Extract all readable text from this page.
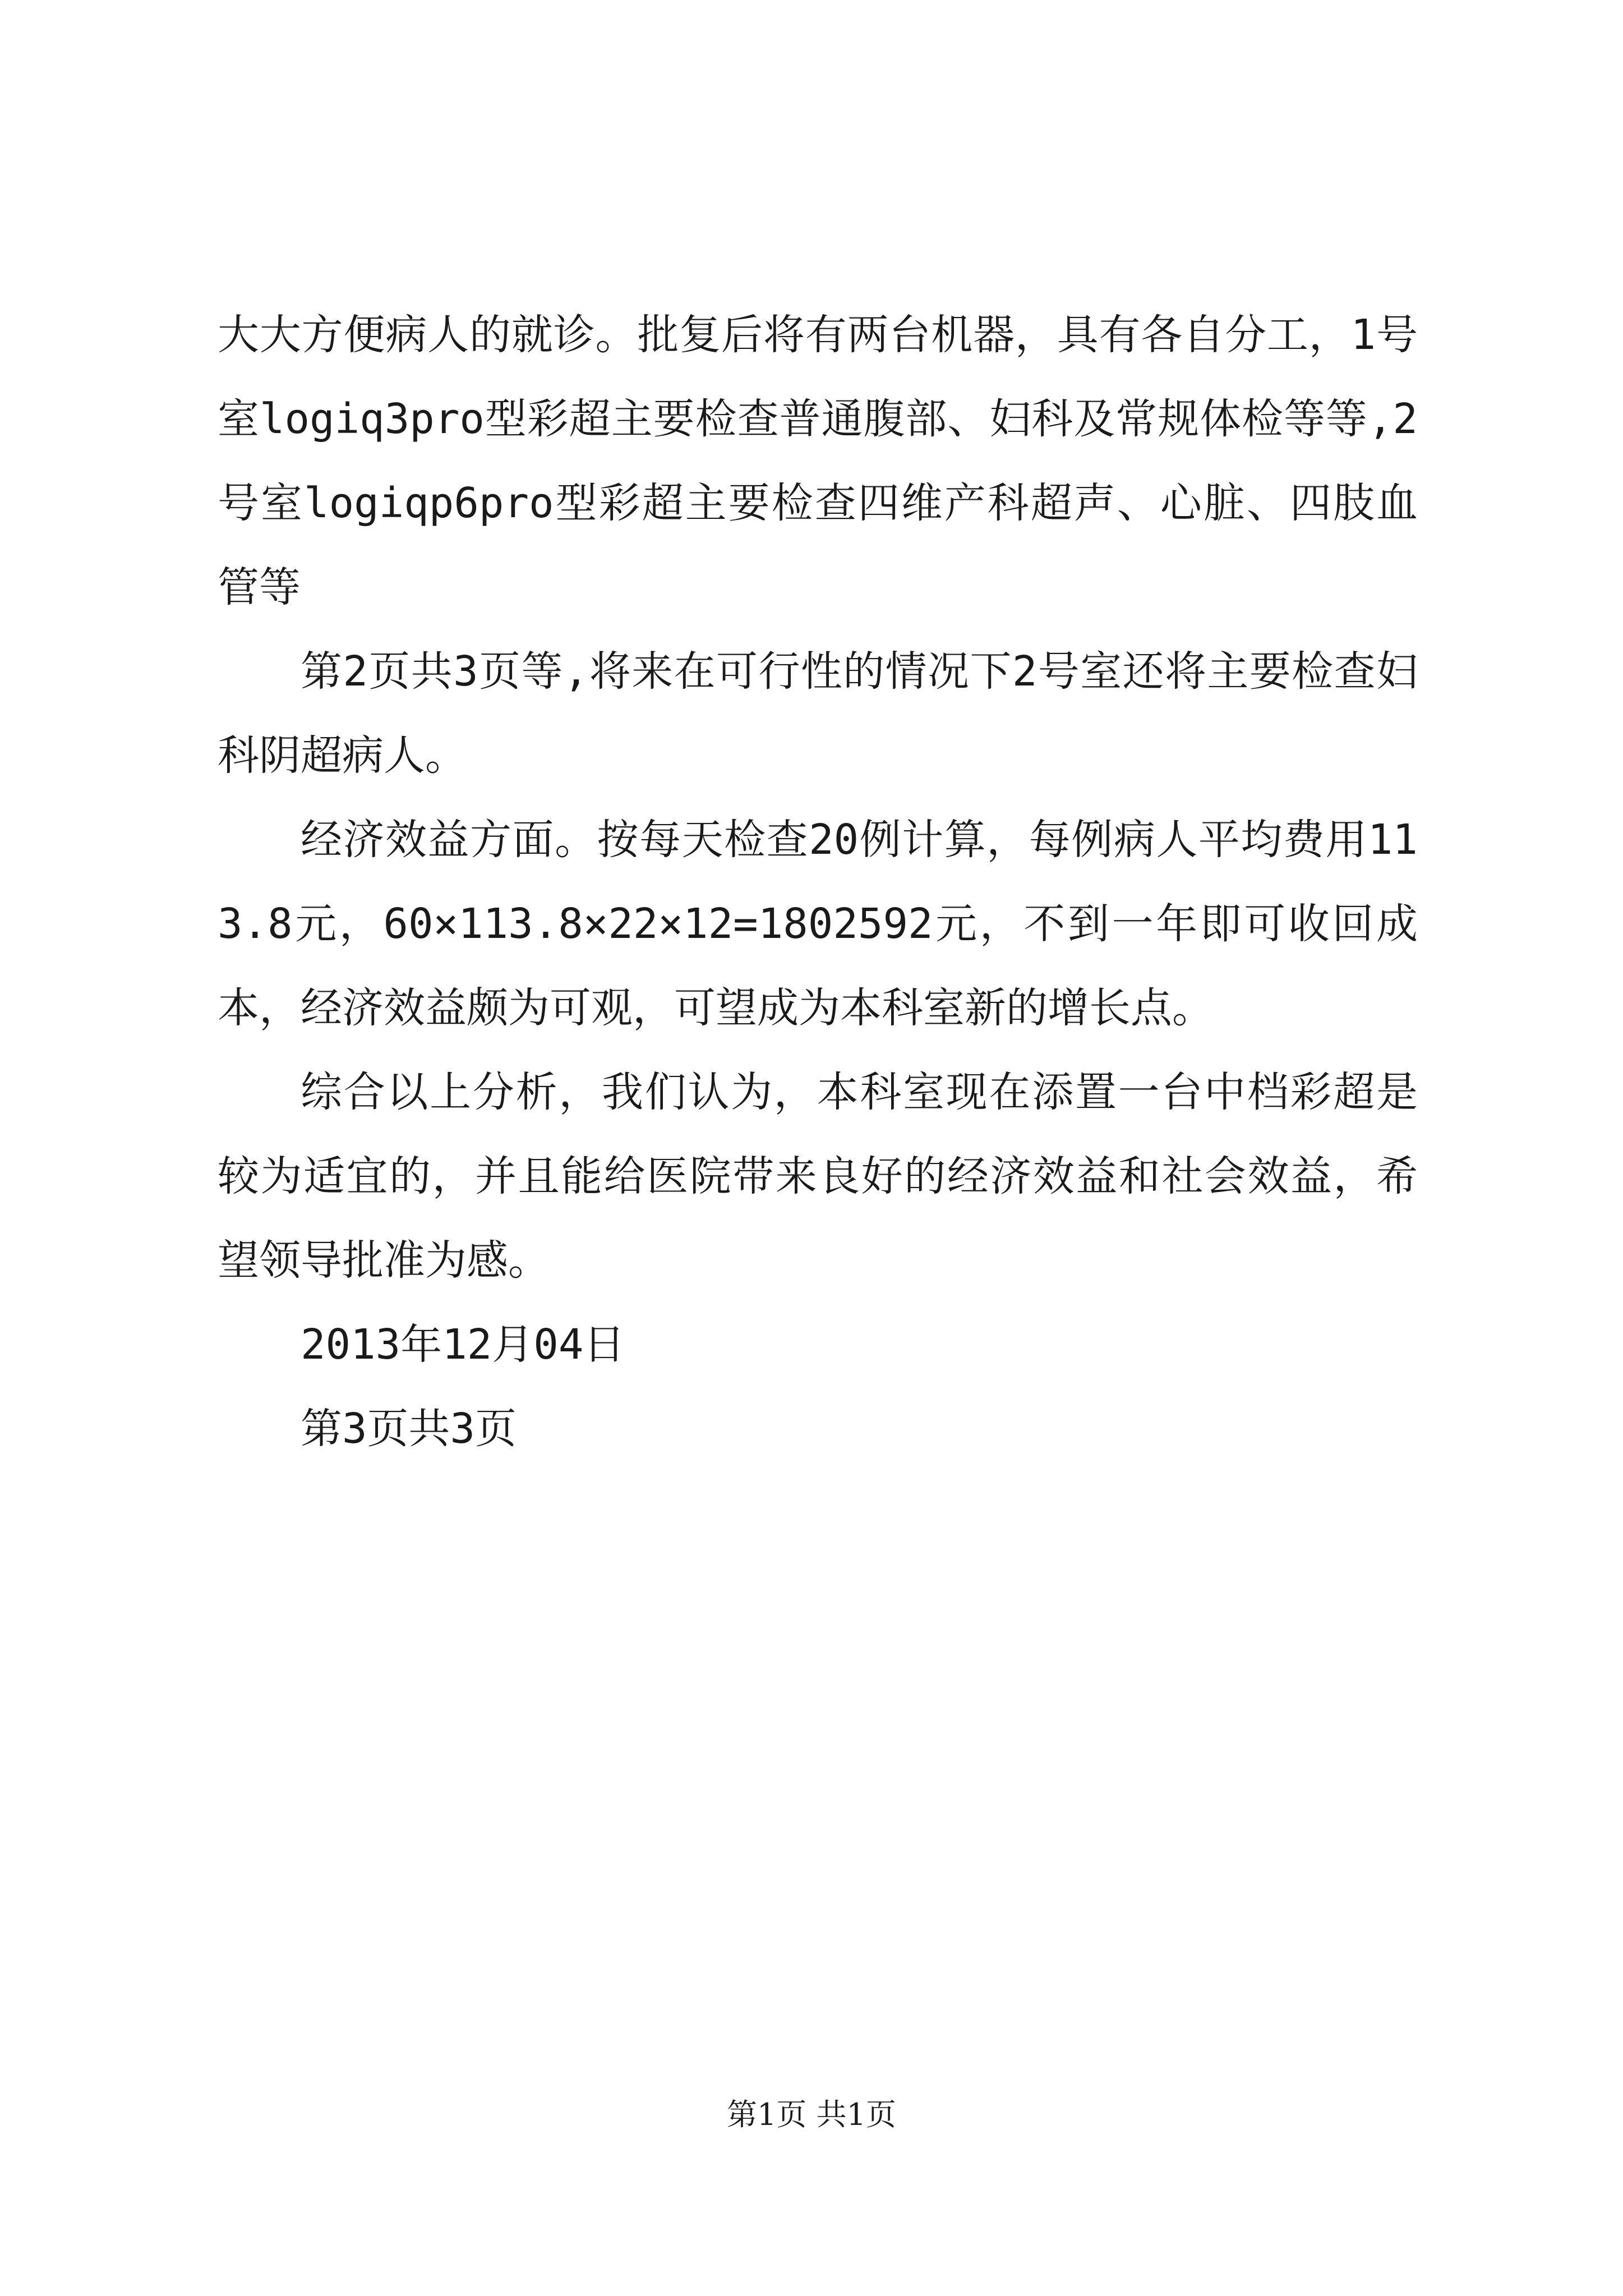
大大方便病人的就诊。批复后将有两台机器，具有各自分工，1号室logiq3pro型彩超主要检查普通腹部、妇科及常规体检等等,2号室logiqp6pro型彩超主要检查四维产科超声、心脏、四肢血管等

第2页共3页等,将来在可行性的情况下2号室还将主要检查妇科阴超病人。

经济效益方面。按每天检查20例计算，每例病人平均费用113.8元，60×113.8×22×12=1802592元，不到一年即可收回成本，经济效益颇为可观，可望成为本科室新的增长点。

综合以上分析，我们认为，本科室现在添置一台中档彩超是较为适宜的，并且能给医院带来良好的经济效益和社会效益，希望领导批准为感。

2013年12月04日

第3页共3页

第1页 共1页
